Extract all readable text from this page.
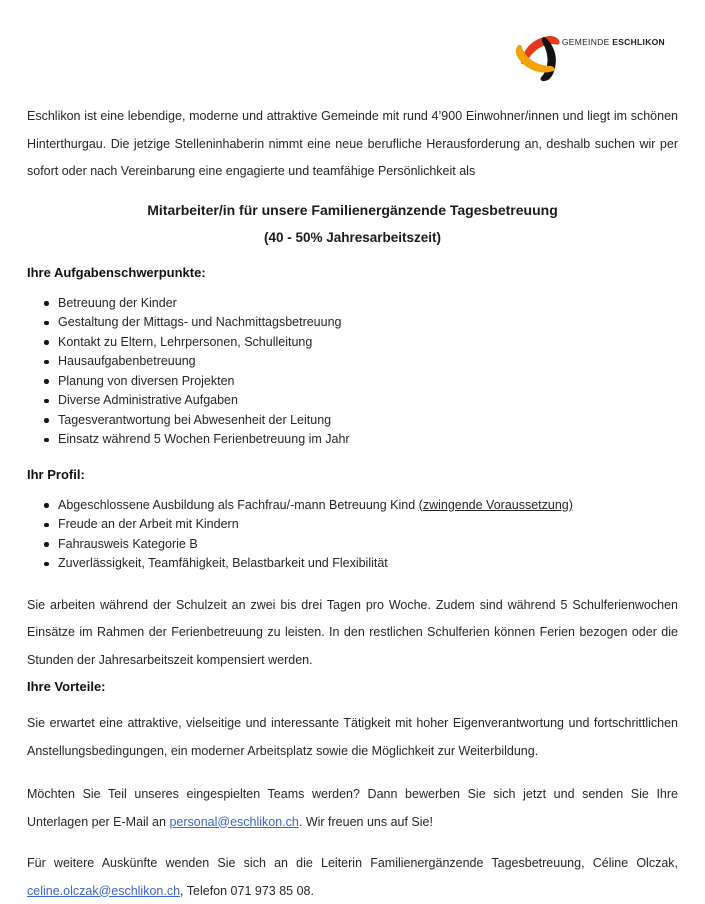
GEMEINDE ESCHLIKON

Eschlikon ist eine lebendige, moderne und attraktive Gemeinde mit rund 4’900 Einwohner/innen und liegt im schönen Hinterthurgau. Die jetzige Stelleninhaberin nimmt eine neue berufliche Herausforderung an, deshalb suchen wir per sofort oder nach Vereinbarung eine engagierte und teamfähige Persönlichkeit als

Mitarbeiter/in für unsere Familienergänzende Tagesbetreuung
(40 - 50% Jahresarbeitszeit)
Ihre Aufgabenschwerpunkte:
Betreuung der Kinder
Gestaltung der Mittags- und Nachmittagsbetreuung
Kontakt zu Eltern, Lehrpersonen, Schulleitung
Hausaufgabenbetreuung
Planung von diversen Projekten
Diverse Administrative Aufgaben
Tagesverantwortung bei Abwesenheit der Leitung
Einsatz während 5 Wochen Ferienbetreuung im Jahr
Ihr Profil:
Abgeschlossene Ausbildung als Fachfrau/-mann Betreuung Kind (zwingende Voraussetzung)
Freude an der Arbeit mit Kindern
Fahrausweis Kategorie B
Zuverlässigkeit, Teamfähigkeit, Belastbarkeit und Flexibilität

Sie arbeiten während der Schulzeit an zwei bis drei Tagen pro Woche. Zudem sind während 5 Schulferienwochen Einsätze im Rahmen der Ferienbetreuung zu leisten. In den restlichen Schulferien können Ferien bezogen oder die Stunden der Jahresarbeitszeit kompensiert werden.

Ihre Vorteile:

Sie erwartet eine attraktive, vielseitige und interessante Tätigkeit mit hoher Eigenverantwortung und fortschrittlichen Anstellungsbedingungen, ein moderner Arbeitsplatz sowie die Möglichkeit zur Weiterbildung.

Möchten Sie Teil unseres eingespielten Teams werden? Dann bewerben Sie sich jetzt und senden Sie Ihre Unterlagen per E-Mail an personal@eschlikon.ch. Wir freuen uns auf Sie!

Für weitere Auskünfte wenden Sie sich an die Leiterin Familienergänzende Tagesbetreuung, Céline Olczak, celine.olczak@eschlikon.ch, Telefon 071 973 85 08.
